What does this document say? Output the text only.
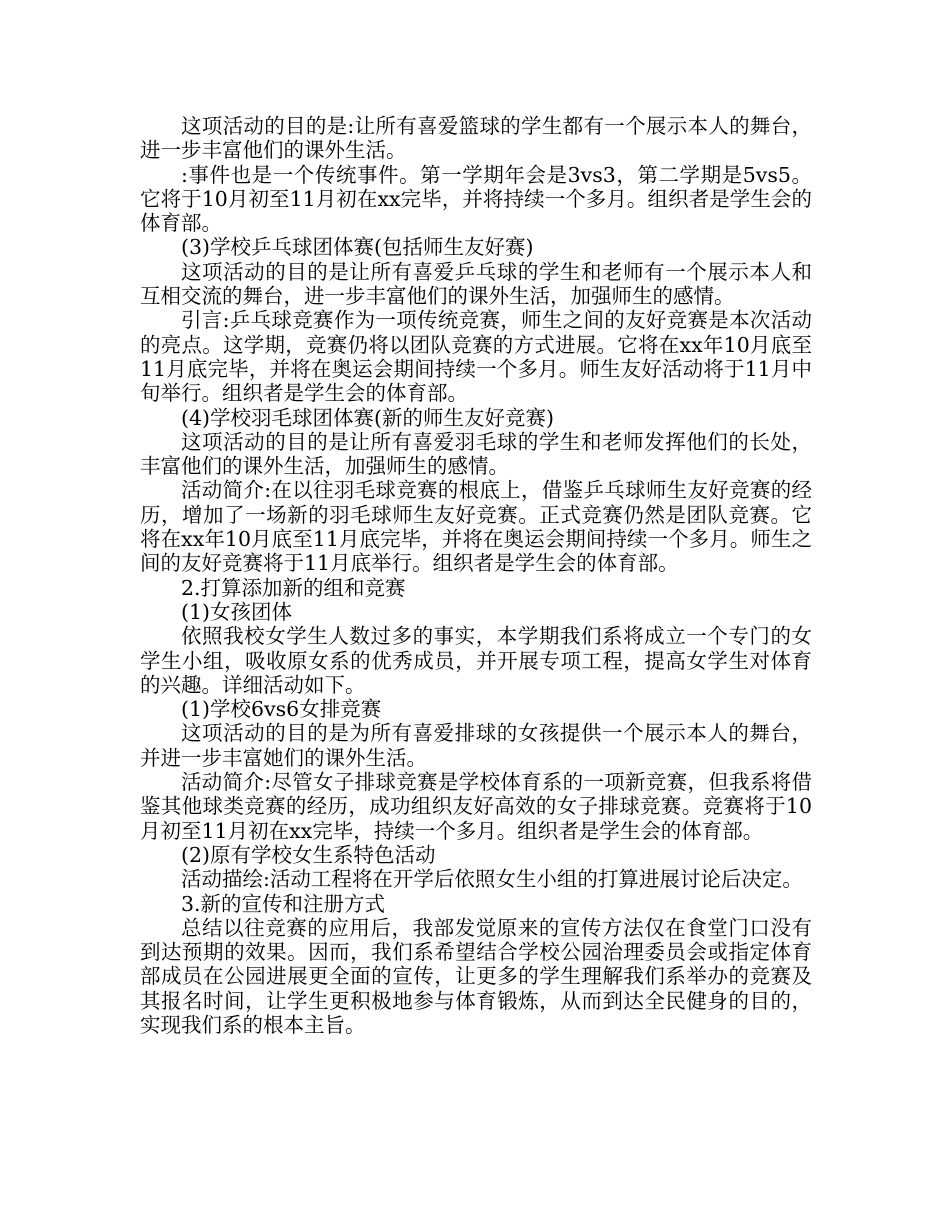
这项活动的目的是:让所有喜爱篮球的学生都有一个展示本人的舞台，进一步丰富他们的课外生活。

:事件也是一个传统事件。第一学期年会是3vs3，第二学期是5vs5。它将于10月初至11月初在xx完毕，并将持续一个多月。组织者是学生会的体育部。

(3)学校乒乓球团体赛(包括师生友好赛)

这项活动的目的是让所有喜爱乒乓球的学生和老师有一个展示本人和互相交流的舞台，进一步丰富他们的课外生活，加强师生的感情。

引言:乒乓球竞赛作为一项传统竞赛，师生之间的友好竞赛是本次活动的亮点。这学期，竞赛仍将以团队竞赛的方式进展。它将在xx年10月底至11月底完毕，并将在奥运会期间持续一个多月。师生友好活动将于11月中旬举行。组织者是学生会的体育部。

(4)学校羽毛球团体赛(新的师生友好竞赛)

这项活动的目的是让所有喜爱羽毛球的学生和老师发挥他们的长处，丰富他们的课外生活，加强师生的感情。

活动简介:在以往羽毛球竞赛的根底上，借鉴乒乓球师生友好竞赛的经历，增加了一场新的羽毛球师生友好竞赛。正式竞赛仍然是团队竞赛。它将在xx年10月底至11月底完毕，并将在奥运会期间持续一个多月。师生之间的友好竞赛将于11月底举行。组织者是学生会的体育部。

2.打算添加新的组和竞赛

(1)女孩团体

依照我校女学生人数过多的事实，本学期我们系将成立一个专门的女学生小组，吸收原女系的优秀成员，并开展专项工程，提高女学生对体育的兴趣。详细活动如下。

(1)学校6vs6女排竞赛

这项活动的目的是为所有喜爱排球的女孩提供一个展示本人的舞台，并进一步丰富她们的课外生活。

活动简介:尽管女子排球竞赛是学校体育系的一项新竞赛，但我系将借鉴其他球类竞赛的经历，成功组织友好高效的女子排球竞赛。竞赛将于10月初至11月初在xx完毕，持续一个多月。组织者是学生会的体育部。

(2)原有学校女生系特色活动

活动描绘:活动工程将在开学后依照女生小组的打算进展讨论后决定。

3.新的宣传和注册方式

总结以往竞赛的应用后，我部发觉原来的宣传方法仅在食堂门口没有到达预期的效果。因而，我们系希望结合学校公园治理委员会或指定体育部成员在公园进展更全面的宣传，让更多的学生理解我们系举办的竞赛及其报名时间，让学生更积极地参与体育锻炼，从而到达全民健身的目的，实现我们系的根本主旨。
